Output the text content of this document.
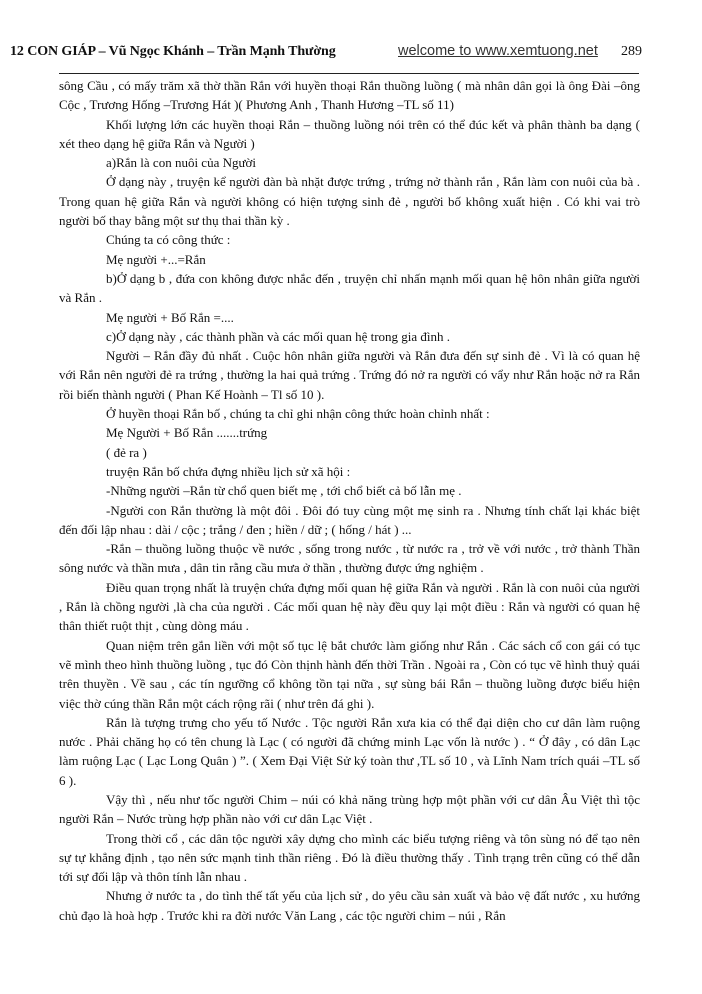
12 CON GIÁP – Vũ Ngọc Khánh – Trần Mạnh Thường	welcome to www.xemtuong.net 289

sông Cầu , có mấy trăm xã thờ thần Rắn với huyền thoại Rắn thuồng luồng ( mà nhân dân gọi là ông Đài –ông Cộc , Trương Hống –Trương Hát )( Phương Anh , Thanh Hương –TL số 11)

Khối lượng lớn các huyền thoại Rắn – thuồng luồng nói trên có thể đúc kết và phân thành ba dạng ( xét theo dạng hệ giữa Rắn và Người )

a)Rắn là con nuôi của Người

Ở dạng này , truyện kể người đàn bà nhặt được trứng , trứng nở thành rắn , Rắn làm con nuôi của bà . Trong quan hệ giữa Rắn và người không có hiện tượng sinh đẻ , người bố không xuất hiện . Có khi vai trò người bố thay bằng một sư thụ thai thần kỳ .

Chúng ta có công thức :

Mẹ người +...=Rắn

b)Ở dạng b , đứa con không được nhắc đến , truyện chỉ nhấn mạnh mối quan hệ hôn nhân giữa người và Rắn .

Mẹ người + Bố Rắn =....

c)Ở dạng này , các thành phần và các mối quan hệ trong gia đình .

Người – Rắn đầy đủ nhất . Cuộc hôn nhân giữa người và Rắn đưa đến sự sinh đẻ . Vì là có quan hệ với Rắn nên người đẻ ra trứng , thường la hai quả trứng . Trứng đó nở ra người có vẩy như Rắn hoặc nở ra Rắn rồi biến thành người ( Phan Kế Hoành – Tl số 10 ).

Ở huyền thoại Rắn bố , chúng ta chỉ ghi nhận công thức hoàn chỉnh nhất :

Mẹ Người + Bố Rắn .......trứng

( đẻ ra )

truyện Rắn bố chứa đựng nhiều lịch sử xã hội :

-Những người –Rắn từ chổ quen biết mẹ , tới chổ biết cả bố lẫn mẹ .

-Người con Rắn thường là một đôi . Đôi đó tuy cùng một mẹ sinh ra . Nhưng tính chất lại khác biệt đến đối lập nhau : dài / cộc ; trắng / đen ; hiền / dữ ; ( hống / hát ) ...

-Rắn – thuồng luồng thuộc về nước , sống trong nước , từ nước ra , trở về với nước , trở thành Thần sông nước và thần mưa , dân tin rằng cầu mưa ở thần , thường được ứng nghiệm .

Điều quan trọng nhất là truyện chứa đựng mối quan hệ giữa Rắn và người . Rắn là con nuôi của người , Rắn là chồng người ,là cha của người . Các mối quan hệ này đều quy lại một điều : Rắn và người có quan hệ thân thiết ruột thịt , cùng dòng máu .

Quan niệm trên gắn liền với một số tục lệ bắt chước làm giống như Rắn . Các sách cổ con gái có tục vẽ mình theo hình thuồng luồng , tục đó Còn thịnh hành đến thời Trần . Ngoài ra , Còn có tục vẽ hình thuỷ quái trên thuyền . Về sau , các tín ngưỡng cổ không tồn tại nữa , sự sùng bái Rắn – thuồng luồng được biểu hiện việc thờ cúng thần Rắn một cách rộng rãi ( như trên đá ghi ).

Rắn là tượng trưng cho yếu tố Nước . Tộc người Rắn xưa kia có thể đại diện cho cư dân làm ruộng nước . Phải chăng họ có tên chung là Lạc ( có người đã chứng minh Lạc vốn là nước ) . “ Ở đây , có dân Lạc làm ruộng Lạc ( Lạc Long Quân ) ”. ( Xem Đại Việt Sử ký toàn thư ,TL số 10 , và Lĩnh Nam trích quái –TL số 6 ).

Vậy thì , nếu như tốc người Chim – núi có khả năng trùng hợp một phần với cư dân Âu Việt thì tộc người Rắn – Nước trùng hợp phần nào với cư dân Lạc Việt .

Trong thời cổ , các dân tộc người xây dựng cho mình các biểu tượng riêng và tôn sùng nó để tạo nên sự tự khẳng định , tạo nên sức mạnh tinh thần riêng . Đó là điều thường thấy . Tình trạng trên cũng có thể dẫn tới sự đối lập và thôn tính lẫn nhau .

Nhưng ở nước ta , do tình thế tất yếu của lịch sử , do yêu cầu sản xuất và bảo vệ đất nước , xu hướng chủ đạo là hoà hợp . Trước khi ra đời nước Văn Lang , các tộc người chim – núi , Rắn
